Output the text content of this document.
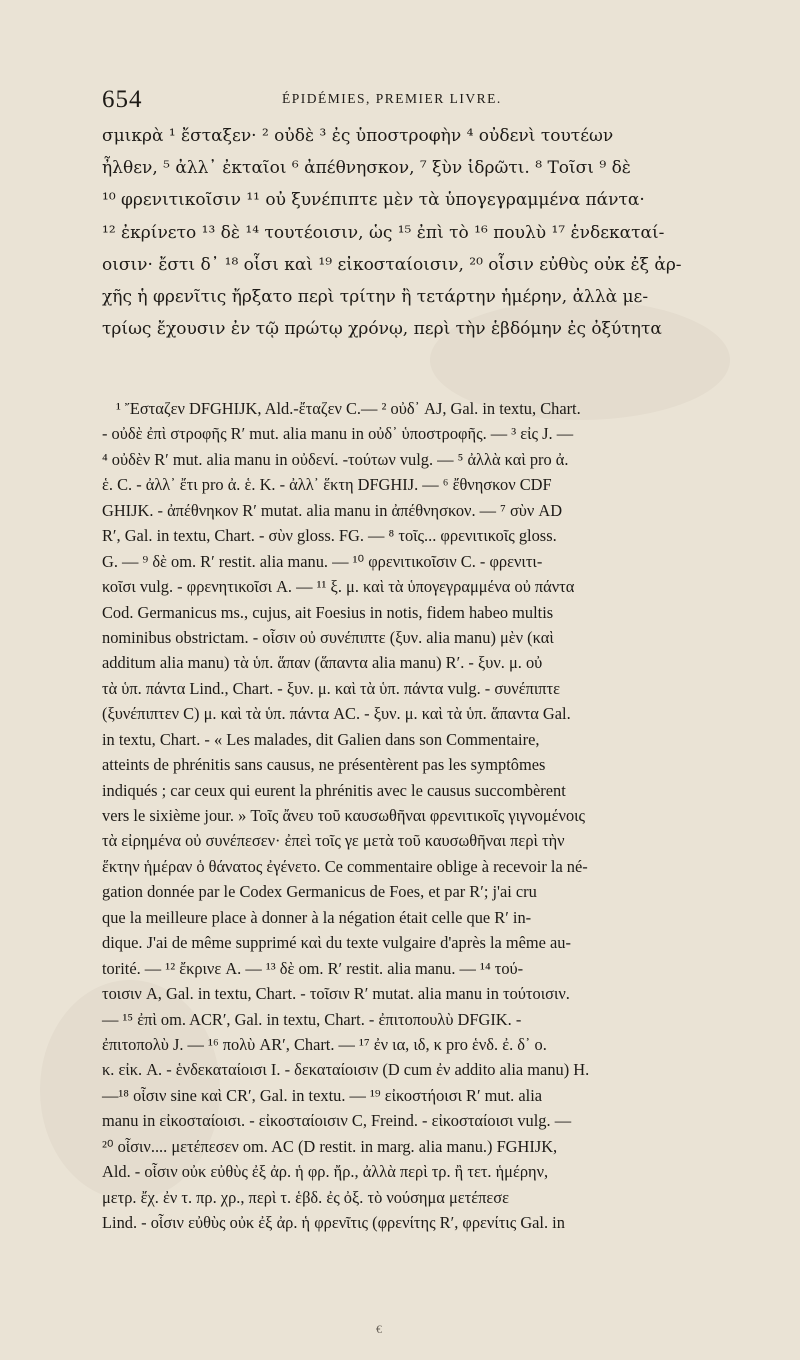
654	ÉPIDÉMIES, PREMIER LIVRE.
σμικρὰ ¹ ἔσταξεν· ² οὐδὲ ³ ἐς ὑποστροφὴν ⁴ οὐδενὶ τουτέων
ἦλθεν, ⁵ ἀλλ᾽ ἐκταῖοι ⁶ ἀπέθνησκον, ⁷ ξὺν ἱδρῶτι. ⁸ Τοῖσι ⁹ δὲ
¹⁰ φρενιτικοῖσιν ¹¹ οὐ ξυνέπιπτε μὲν τὰ ὑπογεγραμμένα πάντα·
¹² ἐκρίνετο ¹³ δὲ ¹⁴ τουτέοισιν, ὡς ¹⁵ ἐπὶ τὸ ¹⁶ πουλὺ ¹⁷ ἑνδεκαταί-
οισιν· ἔστι δ᾽ ¹⁸ οἷσι καὶ ¹⁹ εἰκοσταίοισιν, ²⁰ οἷσιν εὐθὺς οὐκ ἐξ ἀρ-
χῆς ἡ φρενῖτις ἤρξατο περὶ τρίτην ἢ τετάρτην ἡμέρην, ἀλλὰ με-
τρίως ἔχουσιν ἐν τῷ πρώτῳ χρόνῳ, περὶ τὴν ἑβδόμην ἐς ὀξύτητα
¹ Ἔσταζεν DFGHIJK, Ald.-ἔταζεν C.— ² οὐδ᾽ AJ, Gal. in textu, Chart.
- οὐδὲ ἐπὶ στροφῆς R′ mut. alia manu in οὐδ᾽ ὑποστροφῆς. — ³ εἰς J. —
⁴ οὐδὲν R′ mut. alia manu in οὐδενί. -τούτων vulg. — ⁵ ἀλλὰ καὶ pro ἀ.
ἑ. C. - ἀλλ᾽ ἔτι pro ἀ. ἑ. K. - ἀλλ᾽ ἕκτη DFGHIJ. — ⁶ ἔθνησκον CDF
GHIJK. - ἀπέθνηκον R′ mutat. alia manu in ἀπέθνησκον. — ⁷ σὺν AD
R′, Gal. in textu, Chart. - σὺν gloss. FG. — ⁸ τοῖς... φρενιτικοῖς gloss.
G. — ⁹ δὲ om. R′ restit. alia manu. — ¹⁰ φρενιτικοῖσιν C. - φρενιτι-
κοῖσι vulg. - φρενητικοῖσι A. — ¹¹ ξ. μ. καὶ τὰ ὑπογεγραμμένα οὐ πάντα
Cod. Germanicus ms., cujus, ait Foesius in notis, fidem habeo multis
nominibus obstrictam. - οἷσιν οὐ συνέπιπτε (ξυν. alia manu) μὲν (καὶ
additum alia manu) τὰ ὑπ. ἅπαν (ἅπαντα alia manu) R′. - ξυν. μ. οὐ
τὰ ὑπ. πάντα Lind., Chart. - ξυν. μ. καὶ τὰ ὑπ. πάντα vulg. - συνέπιπτε
(ξυνέπιπτεν C) μ. καὶ τὰ ὑπ. πάντα AC. - ξυν. μ. καὶ τὰ ὑπ. ἅπαντα Gal.
in textu, Chart. - « Les malades, dit Galien dans son Commentaire,
atteints de phrénitis sans causus, ne présentèrent pas les symptômes
indiqués ; car ceux qui eurent la phrénitis avec le causus succombèrent
vers le sixième jour. » Τοῖς ἄνευ τοῦ καυσωθῆναι φρενιτικοῖς γιγνομένοις
τὰ εἰρημένα οὐ συνέπεσεν· ἐπεὶ τοῖς γε μετὰ τοῦ καυσωθῆναι περὶ τὴν
ἕκτην ἡμέραν ὁ θάνατος ἐγένετο. Ce commentaire oblige à recevoir la né-
gation donnée par le Codex Germanicus de Foes, et par R′; j'ai cru
que la meilleure place à donner à la négation était celle que R′ in-
dique. J'ai de même supprimé καὶ du texte vulgaire d'après la même au-
torité. — ¹² ἔκρινε A. — ¹³ δὲ om. R′ restit. alia manu. — ¹⁴ τού-
τοισιν A, Gal. in textu, Chart. - τοῖσιν R′ mutat. alia manu in τούτοισιν.
— ¹⁵ ἐπὶ om. ACR′, Gal. in textu, Chart. - ἐπιτοπουλὺ DFGIK. -
ἐπιτοπολὺ J. — ¹⁶ πολὺ AR′, Chart. — ¹⁷ ἐν ια, ιδ, κ pro ἑνδ. ἐ. δ᾽ ο.
κ. εἰκ. A. - ἑνδεκαταίοισι I. - δεκαταίοισιν (D cum ἐν addito alia manu) H.
—¹⁸ οἷσιν sine καὶ CR′, Gal. in textu. — ¹⁹ εἰκοστήοισι R′ mut. alia
manu in εἰκοσταίοισι. - εἰκοσταίοισιν C, Freind. - εἰκοσταίοισι vulg. —
²⁰ οἷσιν.... μετέπεσεν om. AC (D restit. in marg. alia manu.) FGHIJK,
Ald. - οἷσιν οὐκ εὐθὺς ἐξ ἀρ. ἡ φρ. ἤρ., ἀλλὰ περὶ τρ. ἢ τετ. ἡμέρην,
μετρ. ἔχ. ἐν τ. πρ. χρ., περὶ τ. ἑβδ. ἐς ὀξ. τὸ νούσημα μετέπεσε
Lind. - οἷσιν εὐθὺς οὐκ ἐξ ἀρ. ἡ φρενῖτις (φρενίτης R′, φρενίτις Gal. in
€
